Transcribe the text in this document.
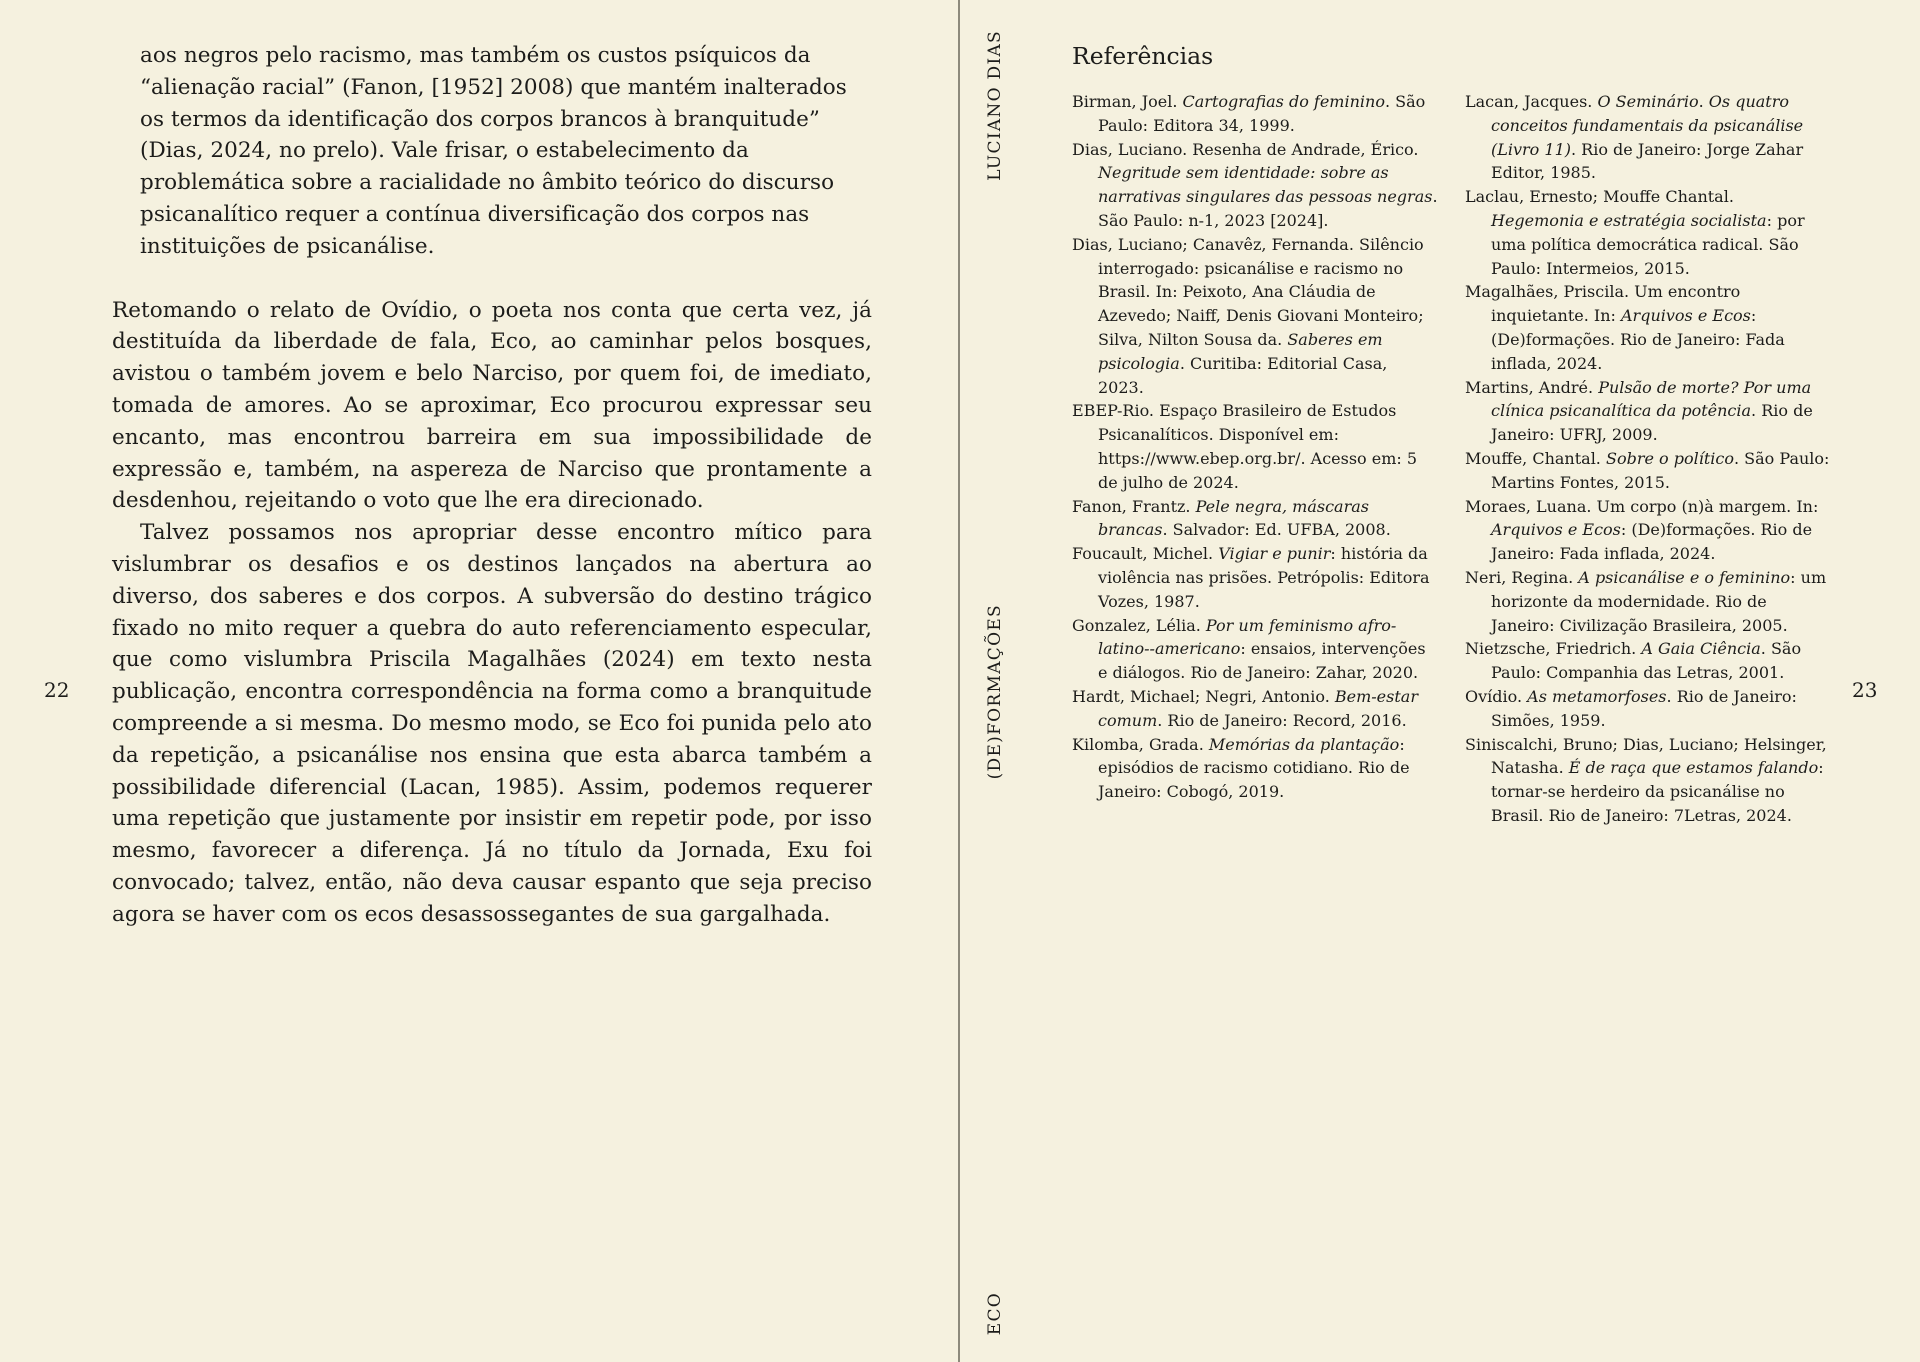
aos negros pelo racismo, mas também os custos psíquicos da “alienação racial” (Fanon, [1952] 2008) que mantém inalterados os termos da identificação dos corpos brancos à branquitude” (Dias, 2024, no prelo). Vale frisar, o estabelecimento da problemática sobre a racialidade no âmbito teórico do discurso psicanalítico requer a contínua diversificação dos corpos nas instituições de psicanálise.

Retomando o relato de Ovídio, o poeta nos conta que certa vez, já destituída da liberdade de fala, Eco, ao caminhar pelos bosques, avistou o também jovem e belo Narciso, por quem foi, de imediato, tomada de amores. Ao se aproximar, Eco procurou expressar seu encanto, mas encontrou barreira em sua impossibilidade de expressão e, também, na aspereza de Narciso que prontamente a desdenhou, rejeitando o voto que lhe era direcionado.

Talvez possamos nos apropriar desse encontro mítico para vislumbrar os desafios e os destinos lançados na abertura ao diverso, dos saberes e dos corpos. A subversão do destino trágico fixado no mito requer a quebra do auto referenciamento especular, que como vislumbra Priscila Magalhães (2024) em texto nesta publicação, encontra correspondência na forma como a branquitude compreende a si mesma. Do mesmo modo, se Eco foi punida pelo ato da repetição, a psicanálise nos ensina que esta abarca também a possibilidade diferencial (Lacan, 1985). Assim, podemos requerer uma repetição que justamente por insistir em repetir pode, por isso mesmo, favorecer a diferença. Já no título da Jornada, Exu foi convocado; talvez, então, não deva causar espanto que seja preciso agora se haver com os ecos desassossegantes de sua gargalhada.

22
LUCIANO DIAS
(DE)FORMAÇÕES
ECO
Referências

Birman, Joel. Cartografias do feminino. São Paulo: Editora 34, 1999.

Dias, Luciano. Resenha de Andrade, Érico. Negritude sem identidade: sobre as narrativas singulares das pessoas negras. São Paulo: n-1, 2023 [2024].

Dias, Luciano; Canavêz, Fernanda. Silêncio interrogado: psicanálise e racismo no Brasil. In: Peixoto, Ana Cláudia de Azevedo; Naiff, Denis Giovani Monteiro; Silva, Nilton Sousa da. Saberes em psicologia. Curitiba: Editorial Casa, 2023.

EBEP-Rio. Espaço Brasileiro de Estudos Psicanalíticos. Disponível em: https://www.ebep.org.br/. Acesso em: 5 de julho de 2024.

Fanon, Frantz. Pele negra, máscaras brancas. Salvador: Ed. UFBA, 2008.

Foucault, Michel. Vigiar e punir: história da violência nas prisões. Petrópolis: Editora Vozes, 1987.

Gonzalez, Lélia. Por um feminismo afro-latino--americano: ensaios, intervenções e diálogos. Rio de Janeiro: Zahar, 2020.

Hardt, Michael; Negri, Antonio. Bem-estar comum. Rio de Janeiro: Record, 2016.

Kilomba, Grada. Memórias da plantação: episódios de racismo cotidiano. Rio de Janeiro: Cobogó, 2019.

Lacan, Jacques. O Seminário. Os quatro conceitos fundamentais da psicanálise (Livro 11). Rio de Janeiro: Jorge Zahar Editor, 1985.

Laclau, Ernesto; Mouffe Chantal. Hegemonia e estratégia socialista: por uma política democrática radical. São Paulo: Intermeios, 2015.

Magalhães, Priscila. Um encontro inquietante. In: Arquivos e Ecos: (De)formações. Rio de Janeiro: Fada inflada, 2024.

Martins, André. Pulsão de morte? Por uma clínica psicanalítica da potência. Rio de Janeiro: UFRJ, 2009.

Mouffe, Chantal. Sobre o político. São Paulo: Martins Fontes, 2015.

Moraes, Luana. Um corpo (n)à margem. In: Arquivos e Ecos: (De)formações. Rio de Janeiro: Fada inflada, 2024.

Neri, Regina. A psicanálise e o feminino: um horizonte da modernidade. Rio de Janeiro: Civilização Brasileira, 2005.

Nietzsche, Friedrich. A Gaia Ciência. São Paulo: Companhia das Letras, 2001.

Ovídio. As metamorfoses. Rio de Janeiro: Simões, 1959.

Siniscalchi, Bruno; Dias, Luciano; Helsinger, Natasha. É de raça que estamos falando: tornar-se herdeiro da psicanálise no Brasil. Rio de Janeiro: 7Letras, 2024.

23
